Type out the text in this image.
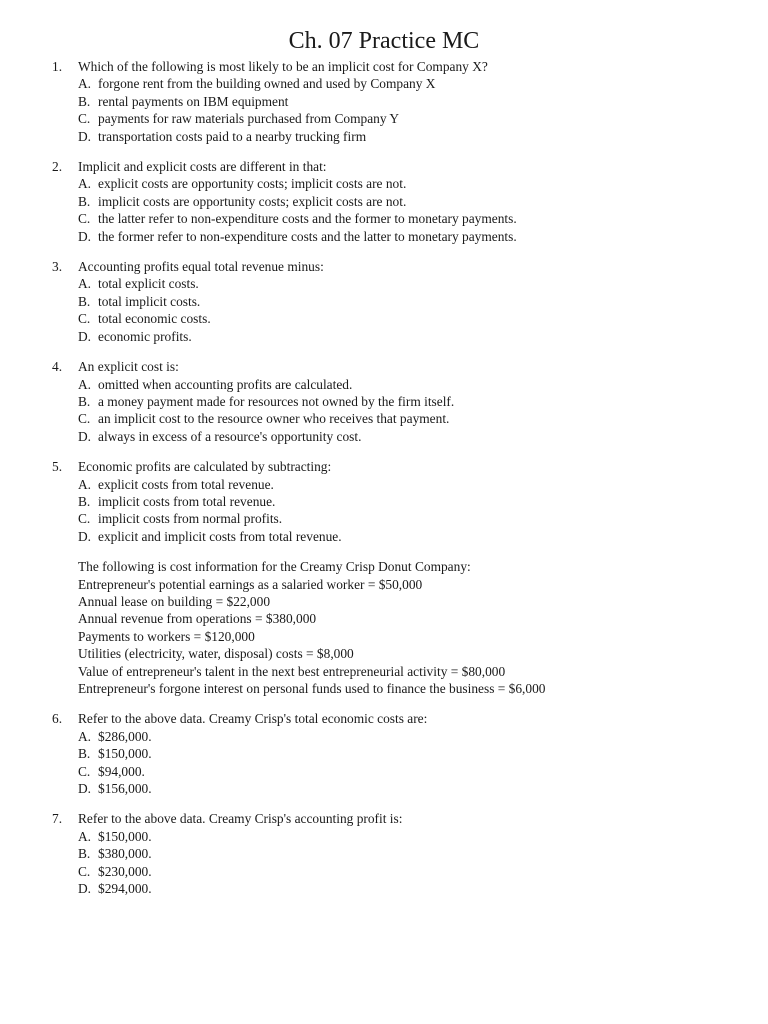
Ch. 07 Practice MC
1.	Which of the following is most likely to be an implicit cost for Company X?
A. forgone rent from the building owned and used by Company X
B. rental payments on IBM equipment
C. payments for raw materials purchased from Company Y
D. transportation costs paid to a nearby trucking firm
2.	Implicit and explicit costs are different in that:
A. explicit costs are opportunity costs; implicit costs are not.
B. implicit costs are opportunity costs; explicit costs are not.
C. the latter refer to non-expenditure costs and the former to monetary payments.
D. the former refer to non-expenditure costs and the latter to monetary payments.
3.	Accounting profits equal total revenue minus:
A. total explicit costs.
B. total implicit costs.
C. total economic costs.
D. economic profits.
4.	An explicit cost is:
A. omitted when accounting profits are calculated.
B. a money payment made for resources not owned by the firm itself.
C. an implicit cost to the resource owner who receives that payment.
D. always in excess of a resource's opportunity cost.
5.	Economic profits are calculated by subtracting:
A. explicit costs from total revenue.
B. implicit costs from total revenue.
C. implicit costs from normal profits.
D. explicit and implicit costs from total revenue.
The following is cost information for the Creamy Crisp Donut Company:
Entrepreneur's potential earnings as a salaried worker = $50,000
Annual lease on building = $22,000
Annual revenue from operations = $380,000
Payments to workers = $120,000
Utilities (electricity, water, disposal) costs = $8,000
Value of entrepreneur's talent in the next best entrepreneurial activity = $80,000
Entrepreneur's forgone interest on personal funds used to finance the business = $6,000
6.	Refer to the above data. Creamy Crisp's total economic costs are:
A. $286,000.
B. $150,000.
C. $94,000.
D. $156,000.
7.	Refer to the above data. Creamy Crisp's accounting profit is:
A. $150,000.
B. $380,000.
C. $230,000.
D. $294,000.
